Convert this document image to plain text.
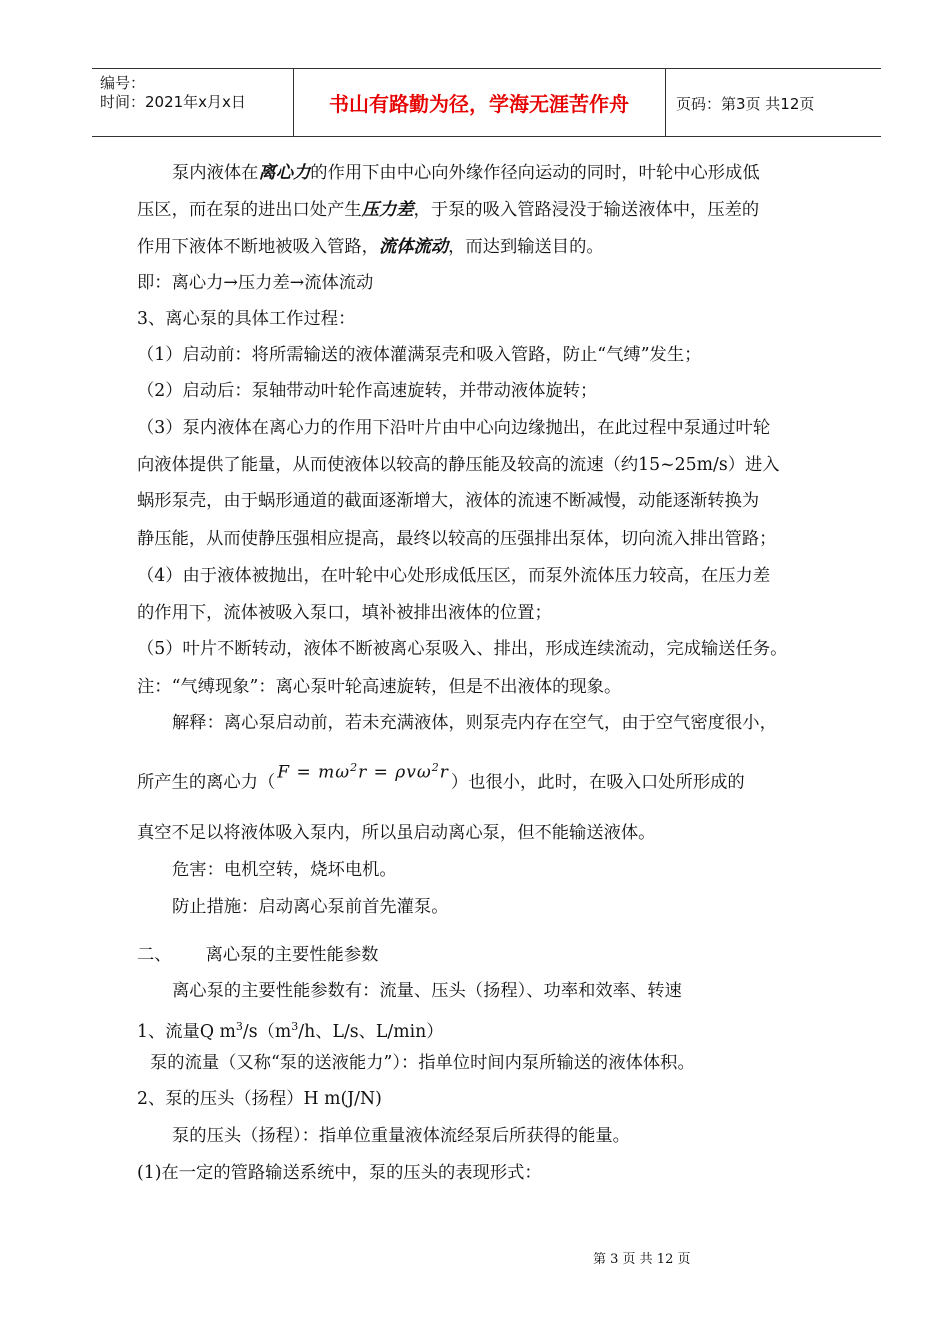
编号：
时间：2021年x月x日	书山有路勤为径，学海无涯苦作舟	页码：第3页 共12页
泵内液体在离心力的作用下由中心向外缘作径向运动的同时，叶轮中心形成低
压区，而在泵的进出口处产生压力差，于泵的吸入管路浸没于输送液体中，压差的
作用下液体不断地被吸入管路，流体流动，而达到输送目的。
即：离心力→压力差→流体流动
3、离心泵的具体工作过程：
（1）启动前：将所需输送的液体灌满泵壳和吸入管路，防止“气缚”发生；
（2）启动后：泵轴带动叶轮作高速旋转，并带动液体旋转；
（3）泵内液体在离心力的作用下沿叶片由中心向边缘抛出，在此过程中泵通过叶轮
向液体提供了能量，从而使液体以较高的静压能及较高的流速（约15~25m/s）进入
蜗形泵壳，由于蜗形通道的截面逐渐增大，液体的流速不断减慢，动能逐渐转换为
静压能，从而使静压强相应提高，最终以较高的压强排出泵体，切向流入排出管路；
（4）由于液体被抛出，在叶轮中心处形成低压区，而泵外流体压力较高，在压力差
的作用下，流体被吸入泵口，填补被排出液体的位置；
（5）叶片不断转动，液体不断被离心泵吸入、排出，形成连续流动，完成输送任务。
注：“气缚现象”：离心泵叶轮高速旋转，但是不出液体的现象。
解释：离心泵启动前，若未充满液体，则泵壳内存在空气，由于空气密度很小，
所产生的离心力（ $F = m\omega^2r = \rho v\omega^2r$ ）也很小，此时，在吸入口处所形成的
真空不足以将液体吸入泵内，所以虽启动离心泵，但不能输送液体。
危害：电机空转，烧坏电机。
防止措施：启动离心泵前首先灌泵。
二、 离心泵的主要性能参数
离心泵的主要性能参数有：流量、压头（扬程）、功率和效率、转速
1、流量Q $m^3/s(m^3/h$、L/s、L/min）
泵的流量（又称“泵的送液能力”）：指单位时间内泵所输送的液体体积。
2、泵的压头（扬程）H m(J/N)
泵的压头（扬程）：指单位重量液体流经泵后所获得的能量。
(1)在一定的管路输送系统中，泵的压头的表现形式：
第 3 页 共 12 页
